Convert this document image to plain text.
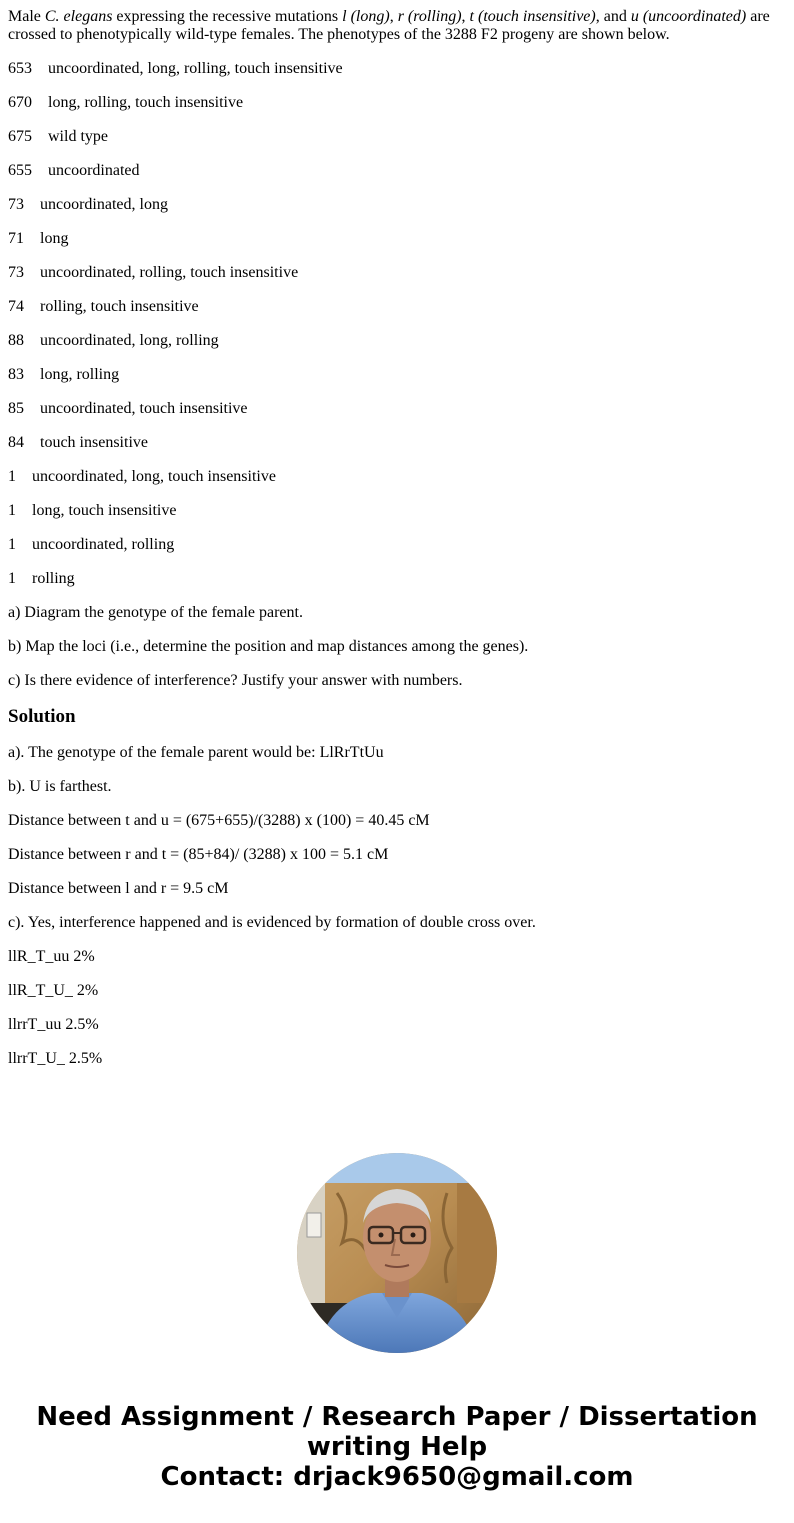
Male C. elegans expressing the recessive mutations l (long), r (rolling), t (touch insensitive), and u (uncoordinated) are crossed to phenotypically wild-type females. The phenotypes of the 3288 F2 progeny are shown below.

653 uncoordinated, long, rolling, touch insensitive

670 long, rolling, touch insensitive

675 wild type

655 uncoordinated

73 uncoordinated, long

71 long

73 uncoordinated, rolling, touch insensitive

74 rolling, touch insensitive

88 uncoordinated, long, rolling

83 long, rolling

85 uncoordinated, touch insensitive

84 touch insensitive

1 uncoordinated, long, touch insensitive

1 long, touch insensitive

1 uncoordinated, rolling

1 rolling

a) Diagram the genotype of the female parent.

b) Map the loci (i.e., determine the position and map distances among the genes).

c) Is there evidence of interference? Justify your answer with numbers.

Solution

a). The genotype of the female parent would be: LlRrTtUu

b). U is farthest.

Distance between t and u = (675+655)/(3288) x (100) = 40.45 cM

Distance between r and t = (85+84)/ (3288) x 100 = 5.1 cM

Distance between l and r = 9.5 cM

c). Yes, interference happened and is evidenced by formation of double cross over.

llR_T_uu 2%

llR_T_U_ 2%

llrrT_uu 2.5%

llrrT_U_ 2.5%

Need Assignment / Research Paper / Dissertation
writing Help
Contact: drjack9650@gmail.com
